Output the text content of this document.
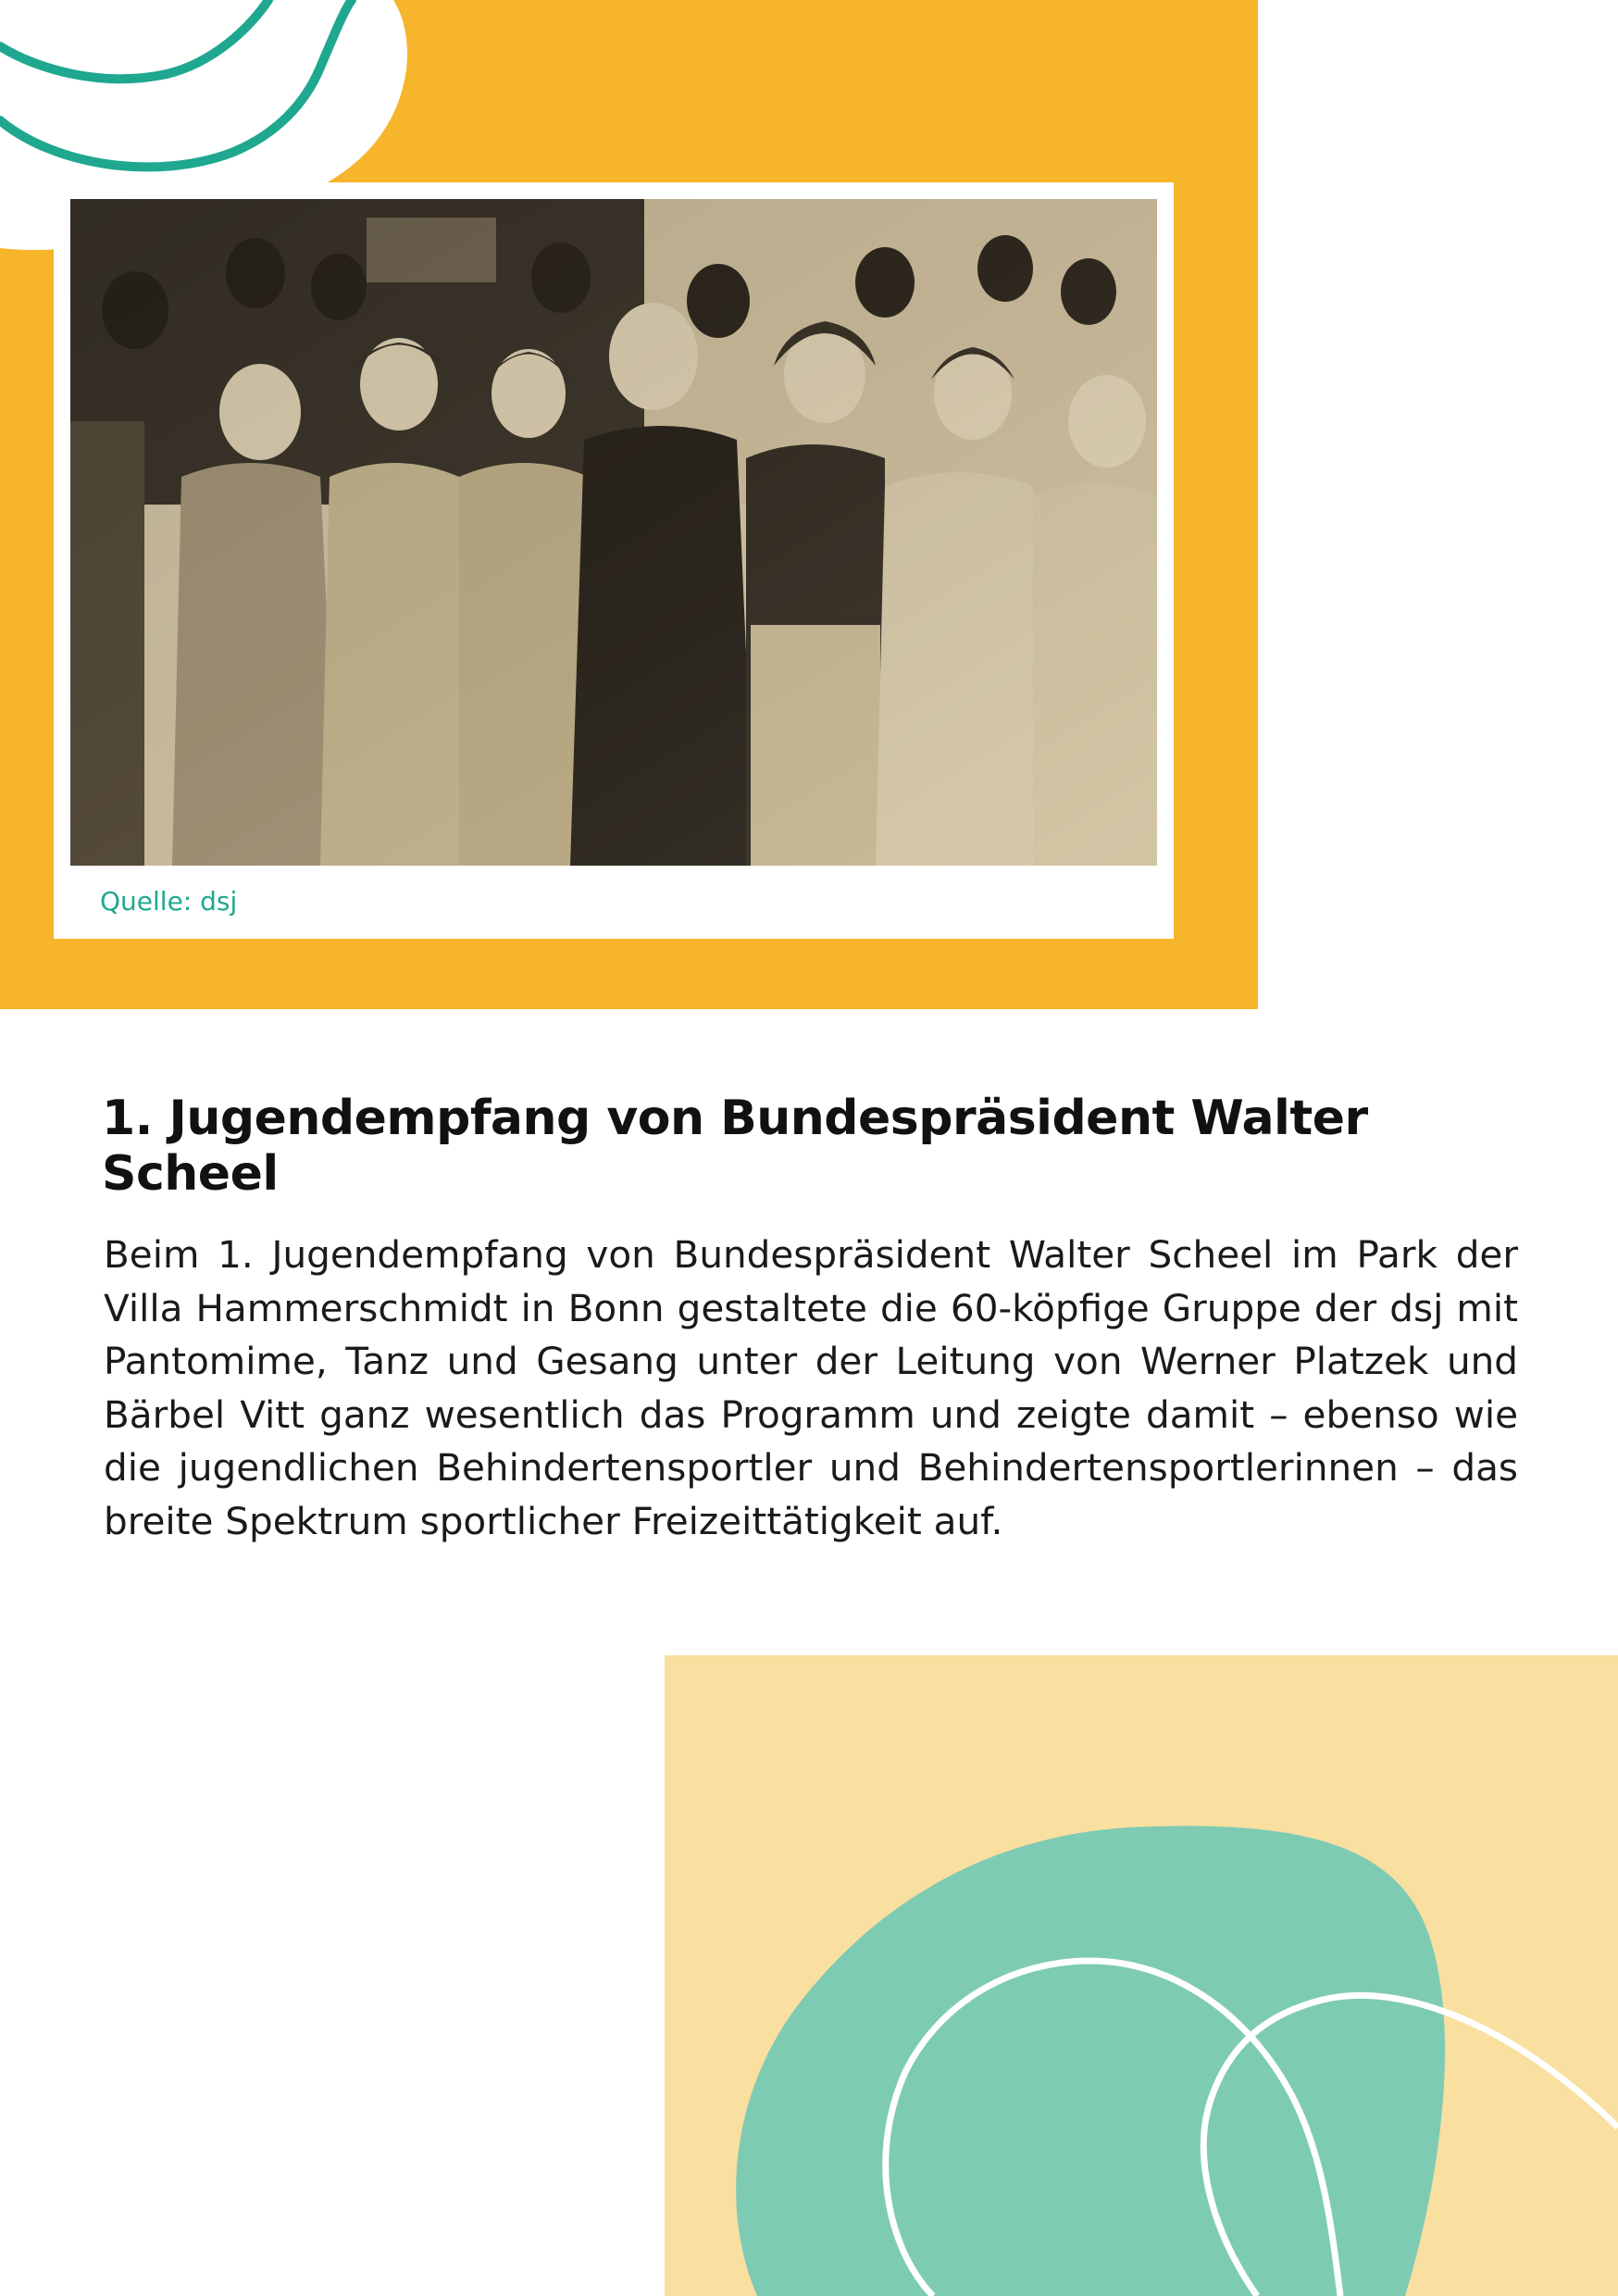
Quelle: dsj
1. Jugendempfang von Bundespräsident Walter Scheel

Beim 1. Jugendempfang von Bundespräsident Walter Scheel im Park der Villa Hammerschmidt in Bonn gestaltete die 60-köpfige Gruppe der dsj mit Pantomime, Tanz und Gesang unter der Leitung von Werner Platzek und Bärbel Vitt ganz wesentlich das Programm und zeigte damit – ebenso wie die jugendlichen Behindertensportler und Behindertensportlerinnen – das breite Spektrum sportlicher Freizeittätigkeit auf.
